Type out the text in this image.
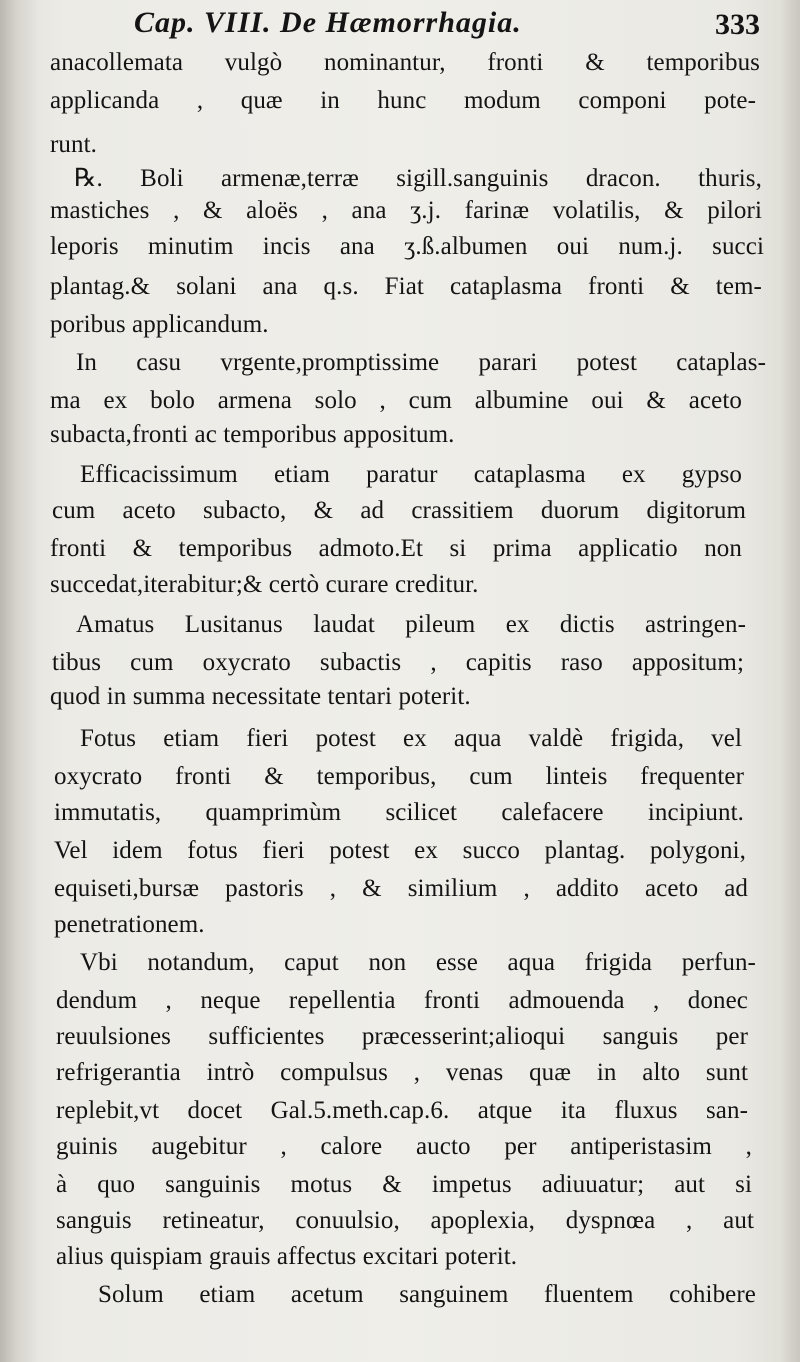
Cap. VIII. De Hæmorrhagia.	333
anacollemata vulgò nominantur, fronti & temporibus
applicanda , quæ in hunc modum componi pote-
runt.
℞. Boli armenæ,terræ sigill.sanguinis dracon. thuris,
mastiches , & aloës , ana ʒ.j. farinæ volatilis, & pilori
leporis minutim incis ana ʒ.ß.albumen oui num.j. succi
plantag.& solani ana q.s. Fiat cataplasma fronti & tem-
poribus applicandum.
In casu vrgente,promptissime parari potest cataplas-
ma ex bolo armena solo , cum albumine oui & aceto
subacta,fronti ac temporibus appositum.
Efficacissimum etiam paratur cataplasma ex gypso
cum aceto subacto, & ad crassitiem duorum digitorum
fronti & temporibus admoto.Et si prima applicatio non
succedat,iterabitur;& certò curare creditur.
Amatus Lusitanus laudat pileum ex dictis astringen-
tibus cum oxycrato subactis , capitis raso appositum;
quod in summa necessitate tentari poterit.
Fotus etiam fieri potest ex aqua valdè frigida, vel
oxycrato fronti & temporibus, cum linteis frequenter
immutatis, quamprimùm scilicet calefacere incipiunt.
Vel idem fotus fieri potest ex succo plantag. polygoni,
equiseti,bursæ pastoris , & similium , addito aceto ad
penetrationem.
Vbi notandum, caput non esse aqua frigida perfun-
dendum , neque repellentia fronti admouenda , donec
reuulsiones sufficientes præcesserint;alioqui sanguis per
refrigerantia intrò compulsus , venas quæ in alto sunt
replebit,vt docet Gal.5.meth.cap.6. atque ita fluxus san-
guinis augebitur , calore aucto per antiperistasim ,
à quo sanguinis motus & impetus adiuuatur; aut si
sanguis retineatur, conuulsio, apoplexia, dyspnœa , aut
alius quispiam grauis affectus excitari poterit.
Solum etiam acetum sanguinem fluentem cohibere
